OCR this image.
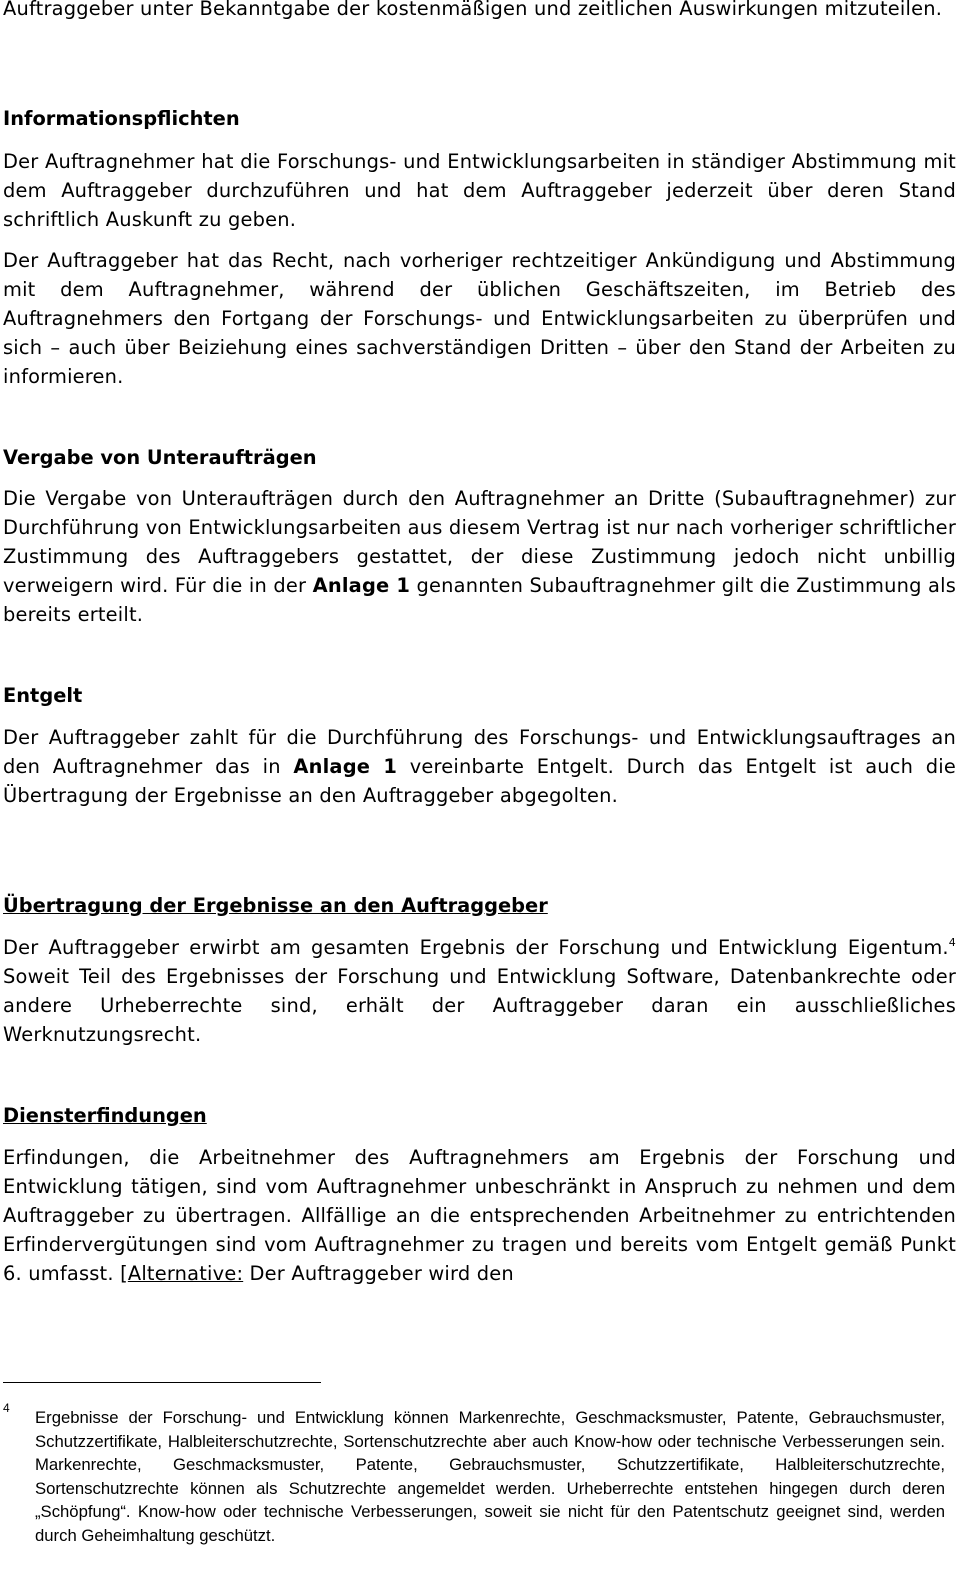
Auftraggeber unter Bekanntgabe der kostenmäßigen und zeitlichen Auswirkungen mitzuteilen.
Informationspflichten
Der Auftragnehmer hat die Forschungs- und Entwicklungsarbeiten in ständiger Abstimmung mit dem Auftraggeber durchzuführen und hat dem Auftraggeber jederzeit über deren Stand schriftlich Auskunft zu geben.
Der Auftraggeber hat das Recht, nach vorheriger rechtzeitiger Ankündigung und Abstimmung mit dem Auftragnehmer, während der üblichen Geschäftszeiten, im Betrieb des Auftragnehmers den Fortgang der Forschungs- und Entwicklungsarbeiten zu überprüfen und sich – auch über Beiziehung eines sachverständigen Dritten – über den Stand der Arbeiten zu informieren.
Vergabe von Unteraufträgen
Die Vergabe von Unteraufträgen durch den Auftragnehmer an Dritte (Subauftragnehmer) zur Durchführung von Entwicklungsarbeiten aus diesem Vertrag ist nur nach vorheriger schriftlicher Zustimmung des Auftraggebers gestattet, der diese Zustimmung jedoch nicht unbillig verweigern wird. Für die in der Anlage 1 genannten Subauftragnehmer gilt die Zustimmung als bereits erteilt.
Entgelt
Der Auftraggeber zahlt für die Durchführung des Forschungs- und Entwicklungsauftrages an den Auftragnehmer das in Anlage 1 vereinbarte Entgelt. Durch das Entgelt ist auch die Übertragung der Ergebnisse an den Auftraggeber abgegolten.
Übertragung der Ergebnisse an den Auftraggeber
Der Auftraggeber erwirbt am gesamten Ergebnis der Forschung und Entwicklung Eigentum.$^4$ Soweit Teil des Ergebnisses der Forschung und Entwicklung Software, Datenbankrechte oder andere Urheberrechte sind, erhält der Auftraggeber daran ein ausschließliches Werknutzungsrecht.
Diensterfindungen
Erfindungen, die Arbeitnehmer des Auftragnehmers am Ergebnis der Forschung und Entwicklung tätigen, sind vom Auftragnehmer unbeschränkt in Anspruch zu nehmen und dem Auftraggeber zu übertragen. Allfällige an die entsprechenden Arbeitnehmer zu entrichtenden Erfindervergütungen sind vom Auftragnehmer zu tragen und bereits vom Entgelt gemäß Punkt 6. umfasst. [Alternative: Der Auftraggeber wird den
4 Ergebnisse der Forschung- und Entwicklung können Markenrechte, Geschmacksmuster, Patente, Gebrauchsmuster, Schutzzertifikate, Halbleiterschutzrechte, Sortenschutzrechte aber auch Know-how oder technische Verbesserungen sein. Markenrechte, Geschmacksmuster, Patente, Gebrauchsmuster, Schutzzertifikate, Halbleiterschutzrechte, Sortenschutzrechte können als Schutzrechte angemeldet werden. Urheberrechte entstehen hingegen durch deren „Schöpfung“. Know-how oder technische Verbesserungen, soweit sie nicht für den Patentschutz geeignet sind, werden durch Geheimhaltung geschützt.
